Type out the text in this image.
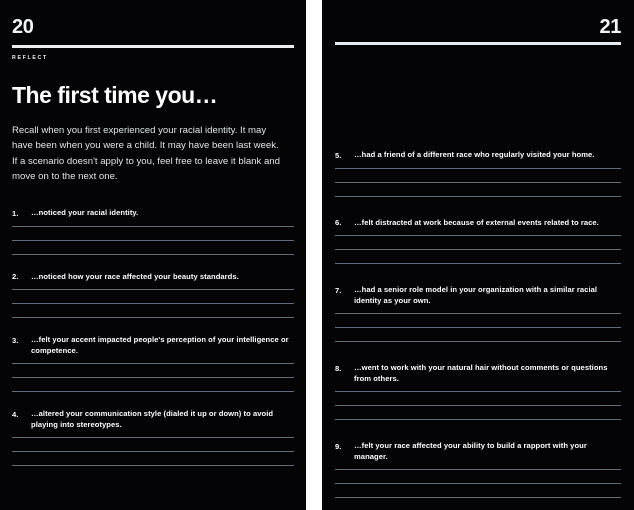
20
REFLECT
The first time you…

Recall when you first experienced your racial identity. It may have been when you were a child. It may have been last week. If a scenario doesn't apply to you, feel free to leave it blank and move on to the next one.

1.	…noticed your racial identity.
2.	…noticed how your race affected your beauty standards.
3.	…felt your accent impacted people's perception of your intelligence or competence.
4.	…altered your communication style (dialed it up or down) to avoid playing into stereotypes.
21
5.	…had a friend of a different race who regularly visited your home.
6.	…felt distracted at work because of external events related to race.
7.	…had a senior role model in your organization with a similar racial identity as your own.
8.	…went to work with your natural hair without comments or questions from others.
9.	…felt your race affected your ability to build a rapport with your manager.
